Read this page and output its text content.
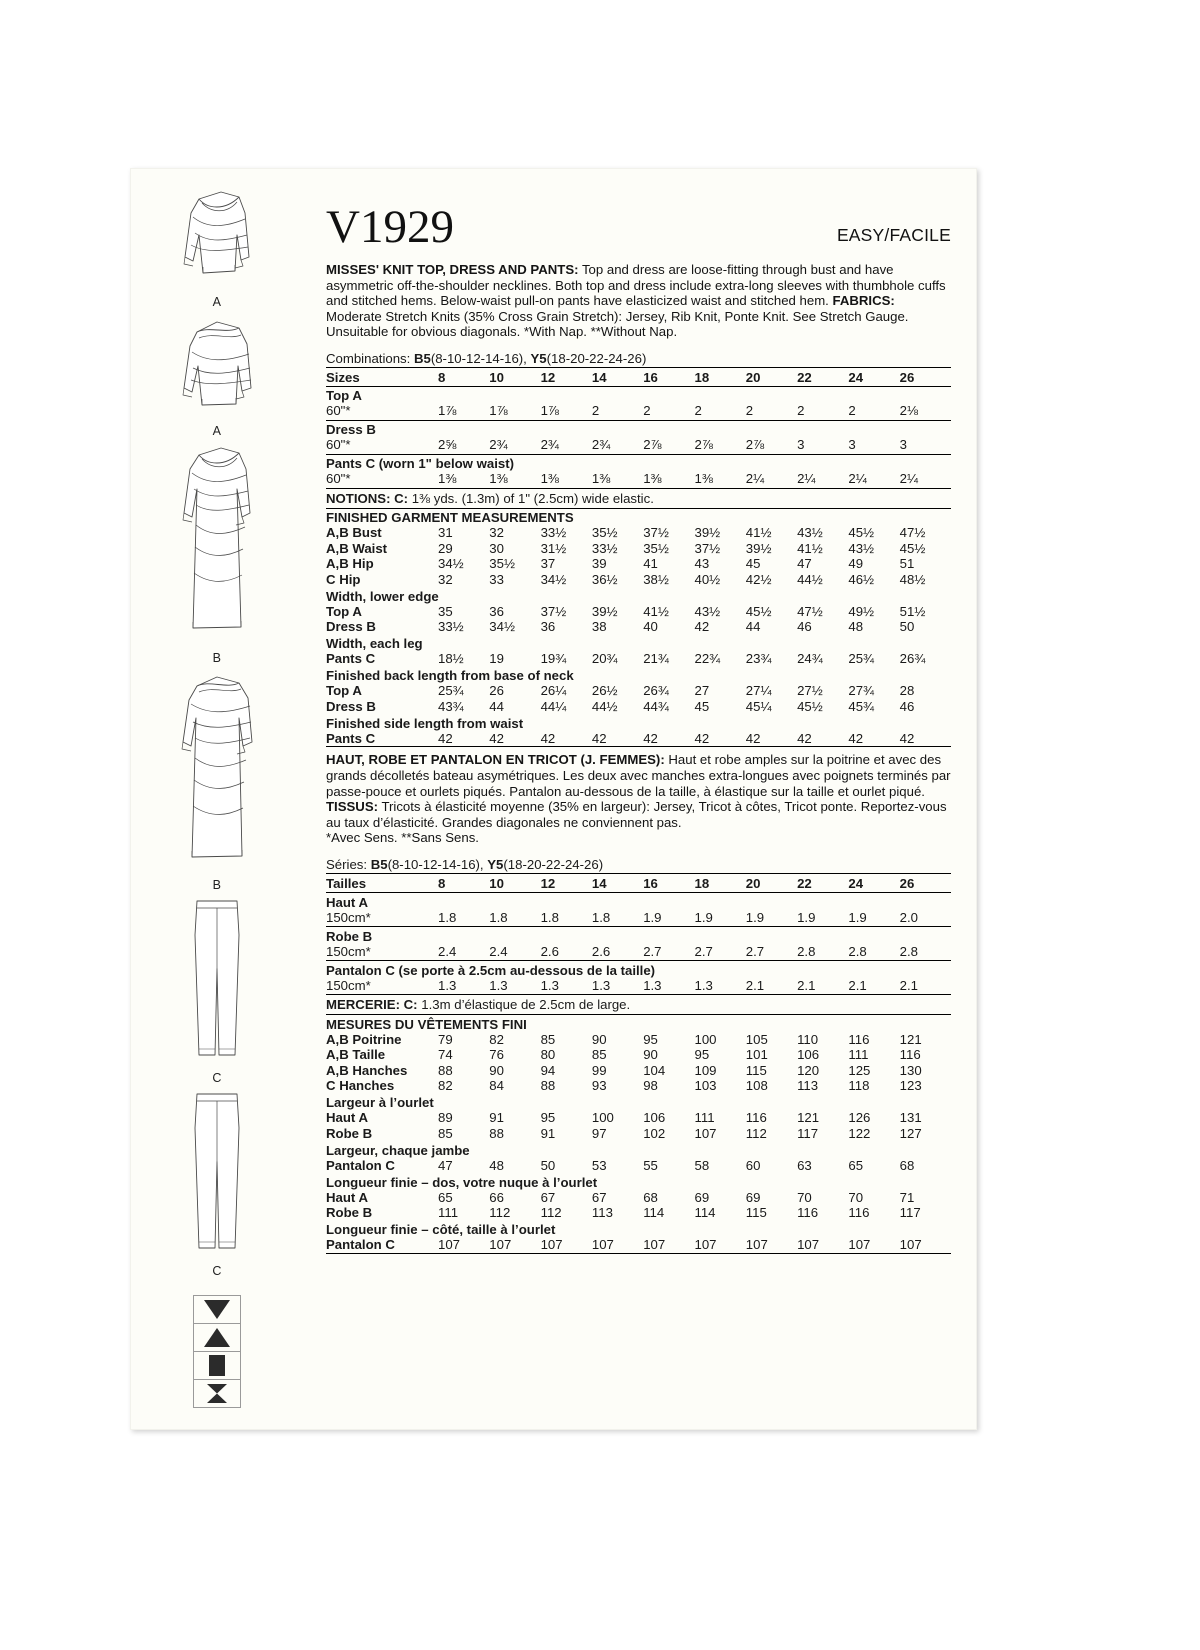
A
A
B
B
C
C
V1929	EASY/FACILE
MISSES' KNIT TOP, DRESS AND PANTS: Top and dress are loose-fitting through bust and have asymmetric off-the-shoulder necklines. Both top and dress include extra-long sleeves with thumbhole cuffs and stitched hems. Below-waist pull-on pants have elasticized waist and stitched hem. FABRICS: Moderate Stretch Knits (35% Cross Grain Stretch): Jersey, Rib Knit, Ponte Knit. See Stretch Gauge. Unsuitable for obvious diagonals. *With Nap. **Without Nap.
Combinations: B5(8-10-12-14-16), Y5(18-20-22-24-26)
Sizes	8	10	12	14	16	18	20	22	24	26
Top A										
60"*	1⅞	1⅞	1⅞	2	2	2	2	2	2	2⅛
Dress B										
60"*	2⅝	2¾	2¾	2¾	2⅞	2⅞	2⅞	3	3	3
Pants C (worn 1" below waist)										
60"*	1⅜	1⅜	1⅜	1⅜	1⅜	1⅜	2¼	2¼	2¼	2¼
NOTIONS: C: 1⅜ yds. (1.3m) of 1" (2.5cm) wide elastic.										
FINISHED GARMENT MEASUREMENTS										
A,B Bust	31	32	33½	35½	37½	39½	41½	43½	45½	47½
A,B Waist	29	30	31½	33½	35½	37½	39½	41½	43½	45½
A,B Hip	34½	35½	37	39	41	43	45	47	49	51
C Hip	32	33	34½	36½	38½	40½	42½	44½	46½	48½
Width, lower edge										
Top A	35	36	37½	39½	41½	43½	45½	47½	49½	51½
Dress B	33½	34½	36	38	40	42	44	46	48	50
Width, each leg										
Pants C	18½	19	19¾	20¾	21¾	22¾	23¾	24¾	25¾	26¾
Finished back length from base of neck										
Top A	25¾	26	26¼	26½	26¾	27	27¼	27½	27¾	28
Dress B	43¾	44	44¼	44½	44¾	45	45¼	45½	45¾	46
Finished side length from waist										
Pants C	42	42	42	42	42	42	42	42	42	42

HAUT, ROBE ET PANTALON EN TRICOT (J. FEMMES): Haut et robe amples sur la poitrine et avec des grands décolletés bateau asymétriques. Les deux avec manches extra-longues avec poignets terminés par passe-pouce et ourlets piqués. Pantalon au-dessous de la taille, à élastique sur la taille et ourlet piqué. TISSUS: Tricots à élasticité moyenne (35% en largeur): Jersey, Tricot à côtes, Tricot ponte. Reportez-vous au taux d’élasticité. Grandes diagonales ne conviennent pas.
*Avec Sens. **Sans Sens.
Séries: B5(8-10-12-14-16), Y5(18-20-22-24-26)
Tailles	8	10	12	14	16	18	20	22	24	26
Haut A										
150cm*	1.8	1.8	1.8	1.8	1.9	1.9	1.9	1.9	1.9	2.0
Robe B										
150cm*	2.4	2.4	2.6	2.6	2.7	2.7	2.7	2.8	2.8	2.8
Pantalon C (se porte à 2.5cm au-dessous de la taille)										
150cm*	1.3	1.3	1.3	1.3	1.3	1.3	2.1	2.1	2.1	2.1
MERCERIE: C: 1.3m d’élastique de 2.5cm de large.										
MESURES DU VÊTEMENTS FINI										
A,B Poitrine	79	82	85	90	95	100	105	110	116	121
A,B Taille	74	76	80	85	90	95	101	106	111	116
A,B Hanches	88	90	94	99	104	109	115	120	125	130
C Hanches	82	84	88	93	98	103	108	113	118	123
Largeur à l’ourlet										
Haut A	89	91	95	100	106	111	116	121	126	131
Robe B	85	88	91	97	102	107	112	117	122	127
Largeur, chaque jambe										
Pantalon C	47	48	50	53	55	58	60	63	65	68
Longueur finie – dos, votre nuque à l’ourlet										
Haut A	65	66	67	67	68	69	69	70	70	71
Robe B	111	112	112	113	114	114	115	116	116	117
Longueur finie – côté, taille à l’ourlet										
Pantalon C	107	107	107	107	107	107	107	107	107	107
